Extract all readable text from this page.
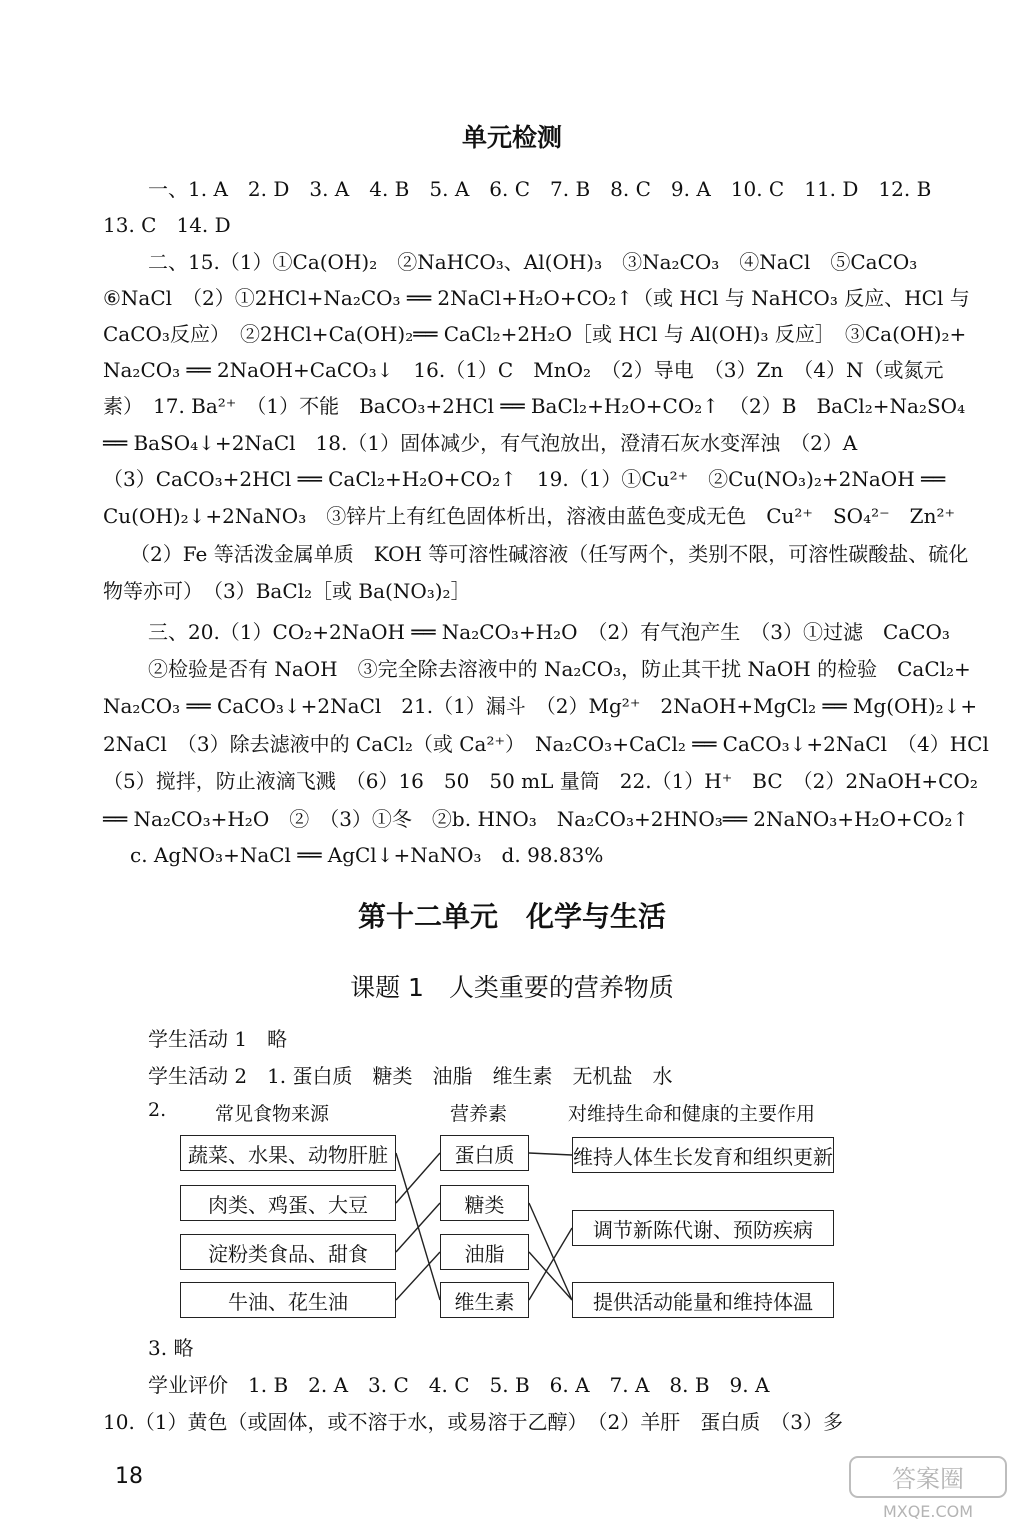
单元检测
一、1. A　2. D　3. A　4. B　5. A　6. C　7. B　8. C　9. A　10. C　11. D　12. B
13. C　14. D
二、15.（1）①Ca(OH)₂　②NaHCO₃、Al(OH)₃　③Na₂CO₃　④NaCl　⑤CaCO₃
⑥NaCl　（2）①2HCl+Na₂CO₃ ══ 2NaCl+H₂O+CO₂↑（或 HCl 与 NaHCO₃ 反应、HCl 与
CaCO₃反应）　②2HCl+Ca(OH)₂══ CaCl₂+2H₂O［或 HCl 与 Al(OH)₃ 反应］　③Ca(OH)₂+
Na₂CO₃ ══ 2NaOH+CaCO₃↓　16.（1）C　MnO₂　（2）导电　（3）Zn　（4）N（或氮元
素）　17. Ba²⁺　（1）不能　BaCO₃+2HCl ══ BaCl₂+H₂O+CO₂↑　（2）B　BaCl₂+Na₂SO₄
══ BaSO₄↓+2NaCl　18.（1）固体减少，有气泡放出，澄清石灰水变浑浊　（2）A
（3）CaCO₃+2HCl ══ CaCl₂+H₂O+CO₂↑　19.（1）①Cu²⁺　②Cu(NO₃)₂+2NaOH ══
Cu(OH)₂↓+2NaNO₃　③锌片上有红色固体析出，溶液由蓝色变成无色　Cu²⁺　SO₄²⁻　Zn²⁺
（2）Fe 等活泼金属单质　KOH 等可溶性碱溶液（任写两个，类别不限，可溶性碳酸盐、硫化
物等亦可）　（3）BaCl₂［或 Ba(NO₃)₂］
三、20.（1）CO₂+2NaOH ══ Na₂CO₃+H₂O　（2）有气泡产生　（3）①过滤　CaCO₃
②检验是否有 NaOH　③完全除去溶液中的 Na₂CO₃，防止其干扰 NaOH 的检验　CaCl₂+
Na₂CO₃ ══ CaCO₃↓+2NaCl　21.（1）漏斗　（2）Mg²⁺　2NaOH+MgCl₂ ══ Mg(OH)₂↓+
2NaCl　（3）除去滤液中的 CaCl₂（或 Ca²⁺）　Na₂CO₃+CaCl₂ ══ CaCO₃↓+2NaCl　（4）HCl
（5）搅拌，防止液滴飞溅　（6）16　50　50 mL 量筒　22.（1）H⁺　BC　（2）2NaOH+CO₂
══ Na₂CO₃+H₂O　②　（3）①冬　②b. HNO₃　Na₂CO₃+2HNO₃══ 2NaNO₃+H₂O+CO₂↑
c. AgNO₃+NaCl ══ AgCl↓+NaNO₃　d. 98.83%
第十二单元　化学与生活
课题 1　人类重要的营养物质
学生活动 1　略
学生活动 2　1. 蛋白质　糖类　油脂　维生素　无机盐　水
2.	常见食物来源	营养素	对维持生命和健康的主要作用
蔬菜、水果、动物肝脏
肉类、鸡蛋、大豆
淀粉类食品、甜食
牛油、花生油
蛋白质
糖类
油脂
维生素
维持人体生长发育和组织更新
调节新陈代谢、预防疾病
提供活动能量和维持体温
3. 略
学业评价　1. B　2. A　3. C　4. C　5. B　6. A　7. A　8. B　9. A
10.（1）黄色（或固体，或不溶于水，或易溶于乙醇）　（2）羊肝　蛋白质　（3）多
18	答案圈
MXQE.COM
